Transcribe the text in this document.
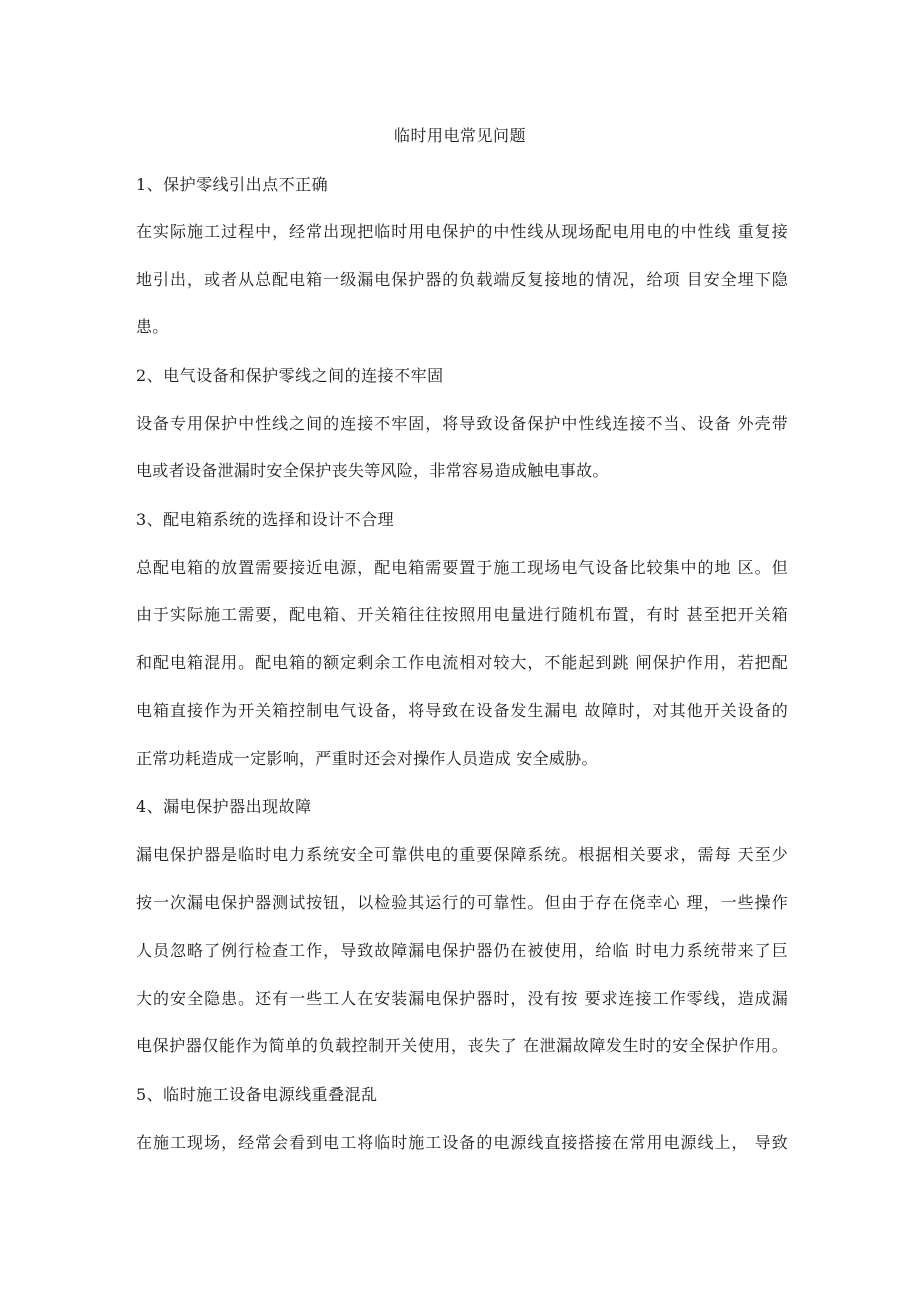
临时用电常见问题
1、保护零线引出点不正确
在实际施工过程中，经常出现把临时用电保护的中性线从现场配电用电的中性线 重复接
地引出，或者从总配电箱一级漏电保护器的负载端反复接地的情况，给项 目安全埋下隐
患。
2、电气设备和保护零线之间的连接不牢固
设备专用保护中性线之间的连接不牢固，将导致设备保护中性线连接不当、设备 外壳带
电或者设备泄漏时安全保护丧失等风险，非常容易造成触电事故。
3、配电箱系统的选择和设计不合理
总配电箱的放置需要接近电源，配电箱需要置于施工现场电气设备比较集中的地 区。但
由于实际施工需要，配电箱、开关箱往往按照用电量进行随机布置，有时 甚至把开关箱
和配电箱混用。配电箱的额定剩余工作电流相对较大，不能起到跳 闸保护作用，若把配
电箱直接作为开关箱控制电气设备，将导致在设备发生漏电 故障时，对其他开关设备的
正常功耗造成一定影响，严重时还会对操作人员造成 安全威胁。
4、漏电保护器出现故障
漏电保护器是临时电力系统安全可靠供电的重要保障系统。根据相关要求，需每 天至少
按一次漏电保护器测试按钮，以检验其运行的可靠性。但由于存在侥幸心 理，一些操作
人员忽略了例行检查工作，导致故障漏电保护器仍在被使用，给临 时电力系统带来了巨
大的安全隐患。还有一些工人在安装漏电保护器时，没有按 要求连接工作零线，造成漏
电保护器仅能作为简单的负载控制开关使用，丧失了 在泄漏故障发生时的安全保护作用。
5、临时施工设备电源线重叠混乱
在施工现场，经常会看到电工将临时施工设备的电源线直接搭接在常用电源线上， 导致
